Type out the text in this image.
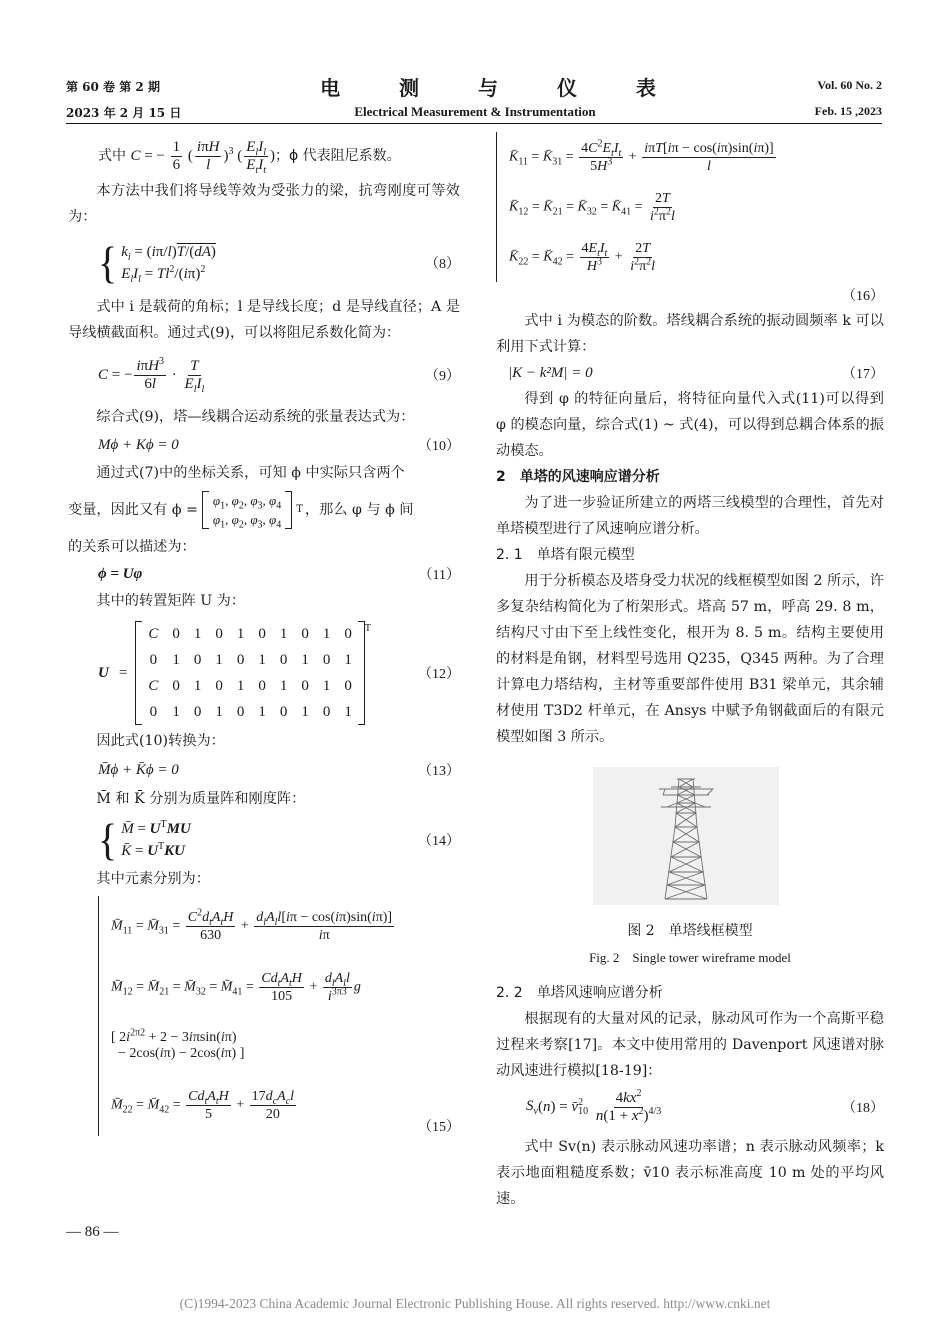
第 60 卷 第 2 期
2023 年 2 月 15 日
电 测 与 仪 表
Electrical Measurement & Instrumentation
Vol. 60 No. 2
Feb. 15 ,2023
式中 C = − $\frac{1}{6}$ ( $\frac{\text{iπH}}{l} )^3$ ( $\frac{E_lI_l}{E_tI_t}$ )；ϕ 代表阻尼系数。

本方法中我们将导线等效为受张力的梁，抗弯刚度可等效为：

{ $k_i = (i\pi/l)T/(dA)$
$E_lI_l = Tl^2/(i\pi)^2$	（8）

式中 i 是载荷的角标；l 是导线长度；d 是导线直径；A 是导线横截面积。通过式(9)，可以将阻尼系数化简为：

C = − $\frac{i\pi H^3}{6l} \cdot \frac{T}{E_lI_l}$	（9）

综合式(9)，塔—线耦合运动系统的张量表达式为：

Mϕ + Kϕ = 0	（10）

通过式(7)中的坐标关系，可知 ϕ 中实际只含两个

变量，因此又有 ϕ =
$\varphi_1$, $\varphi_2$, $\varphi_3$, $\varphi_4$
$\varphi_1$, $\varphi_2$, $\varphi_3$, $\varphi_4$
T ，那么 φ 与 ϕ 间

的关系可以描述为：

ϕ = Uφ	（11）

其中的转置矩阵 U 为：

U =
C 0 1 0 1 0 1 0 1 0
0 1 0 1 0 1 0 1 0 1
C 0 1 0 1 0 1 0 1 0
0 1 0 1 0 1 0 1 0 1
T
（12）

因此式(10)转换为：

M̄ϕ + K̄ϕ = 0	（13）

M̄ 和 K̄ 分别为质量阵和刚度阵：

{ M̄ = $U^TMU$
K̄ = $U^TKU$
（14）

其中元素分别为：

$M̄_{11}$ = $M̄_{31} = \frac{C^2d_tA_tH}{630} + \frac{d_lA_ll[i\pi - \cos(i\pi)\sin(i\pi)]}{i\pi}$
$M̄_{12}$ = $M̄_{21}$ = $M̄_{32}$ = $M̄_{41} = \frac{Cd_tA_tH}{105} + \frac{d_lA_ll}{i^{3\pi 3}}$ g
[ $2i^{2\pi 2} + 2 - 3i\pi\sin(i\pi)$
− 2cos(iπ) − 2cos(iπ) ]
$M̄_{22}$ = $M̄_{42} = \frac{Cd_tA_tH}{5} + \frac{17d_cA_cl}{20}$
（15）
— 86 —
$K̄_{11}$ = $K̄_{31} = \frac{4C^2E_tI_t}{5H^3} + \frac{\text{iπT[iπ − cos(iπ)sin(iπ)]}}{l}$
$K̄_{12}$ = $K̄_{21}$ = $K̄_{32}$ = $K̄_{41} = \frac{2T}{i^2\pi^2l}$
$K̄_{22}$ = $K̄_{42} = \frac{4E_tI_t}{H^3} + \frac{2T}{i^2\pi^2l}$
（16）

式中 i 为模态的阶数。塔线耦合系统的振动圆频率 k 可以利用下式计算：

|K − k²M| = 0	（17）

得到 φ 的特征向量后，将特征向量代入式(11)可以得到 φ 的模态向量，综合式(1) ~ 式(4)，可以得到总耦合体系的振动模态。

2　单塔的风速响应谱分析

为了进一步验证所建立的两塔三线模型的合理性，首先对单塔模型进行了风速响应谱分析。

2. 1　单塔有限元模型

用于分析模态及塔身受力状况的线框模型如图 2 所示，许多复杂结构简化为了桁架形式。塔高 57 m，呼高 29. 8 m，结构尺寸由下至上线性变化，根开为 8. 5 m。结构主要使用的材料是角钢，材料型号选用 Q235，Q345 两种。为了合理计算电力塔结构，主材等重要部件使用 B31 梁单元，其余辅材使用 T3D2 杆单元，在 Ansys 中赋予角钢截面后的有限元模型如图 3 所示。

图 2　单塔线框模型
Fig. 2　Single tower wireframe model

2. 2　单塔风速响应谱分析

根据现有的大量对风的记录，脉动风可作为一个高斯平稳过程来考察[17]。本文中使用常用的 Davenport 风速谱对脉动风速进行模拟[18-19]：

$S_v(n)$ = v̄$^2_{10}$ $\frac{4kx^2}{n(1 + x^2)^{4/3}}$	（18）

式中 Sv(n) 表示脉动风速功率谱；n 表示脉动风频率；k 表示地面粗糙度系数；v̄10 表示标准高度 10 m 处的平均风速。

(C)1994-2023 China Academic Journal Electronic Publishing House. All rights reserved. http://www.cnki.net
